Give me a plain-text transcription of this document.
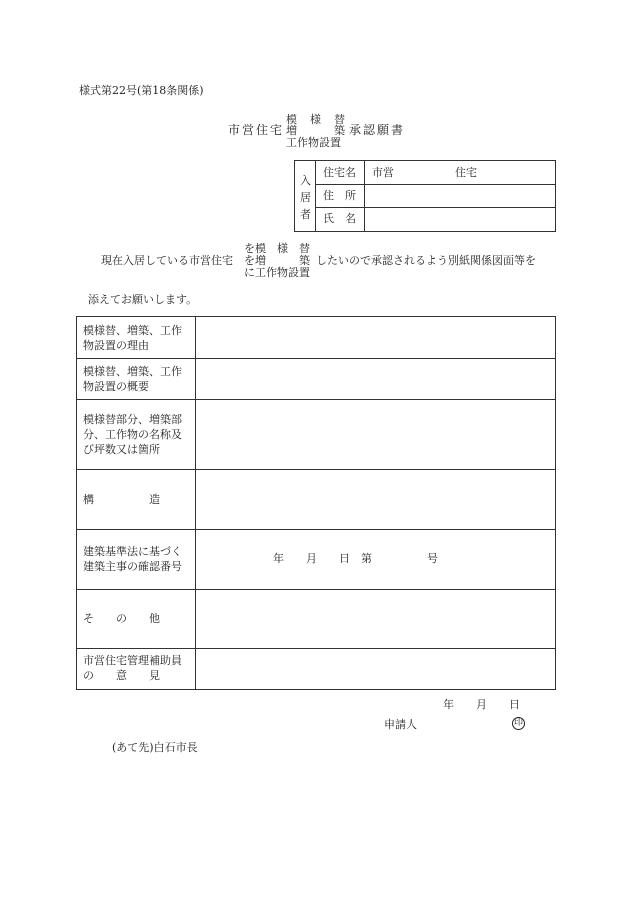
様式第22号(第18条関係)
模　様　替
市営住宅 増　　　築 承認願書
工作物設置
入
居
者
住宅名 市営	住宅
住　所
氏　名
を模　様　替
現在入居している市営住宅 を増　　　築 したいので承認されるよう別紙関係図面等を
に工作物設置
添えてお願いします。
模様替、増築、工作
物設置の理由
模様替、増築、工作
物設置の概要
模様替部分、増築部
分、工作物の名称及
び坪数又は箇所
構　　　　　造
建築基準法に基づく
建築主事の確認番号
年　　月　　日　第　　　　　号
そ　　の　　他
市営住宅管理補助員
の　　意　　見
年　　月　　日
申請人	印
(あて先)白石市長
